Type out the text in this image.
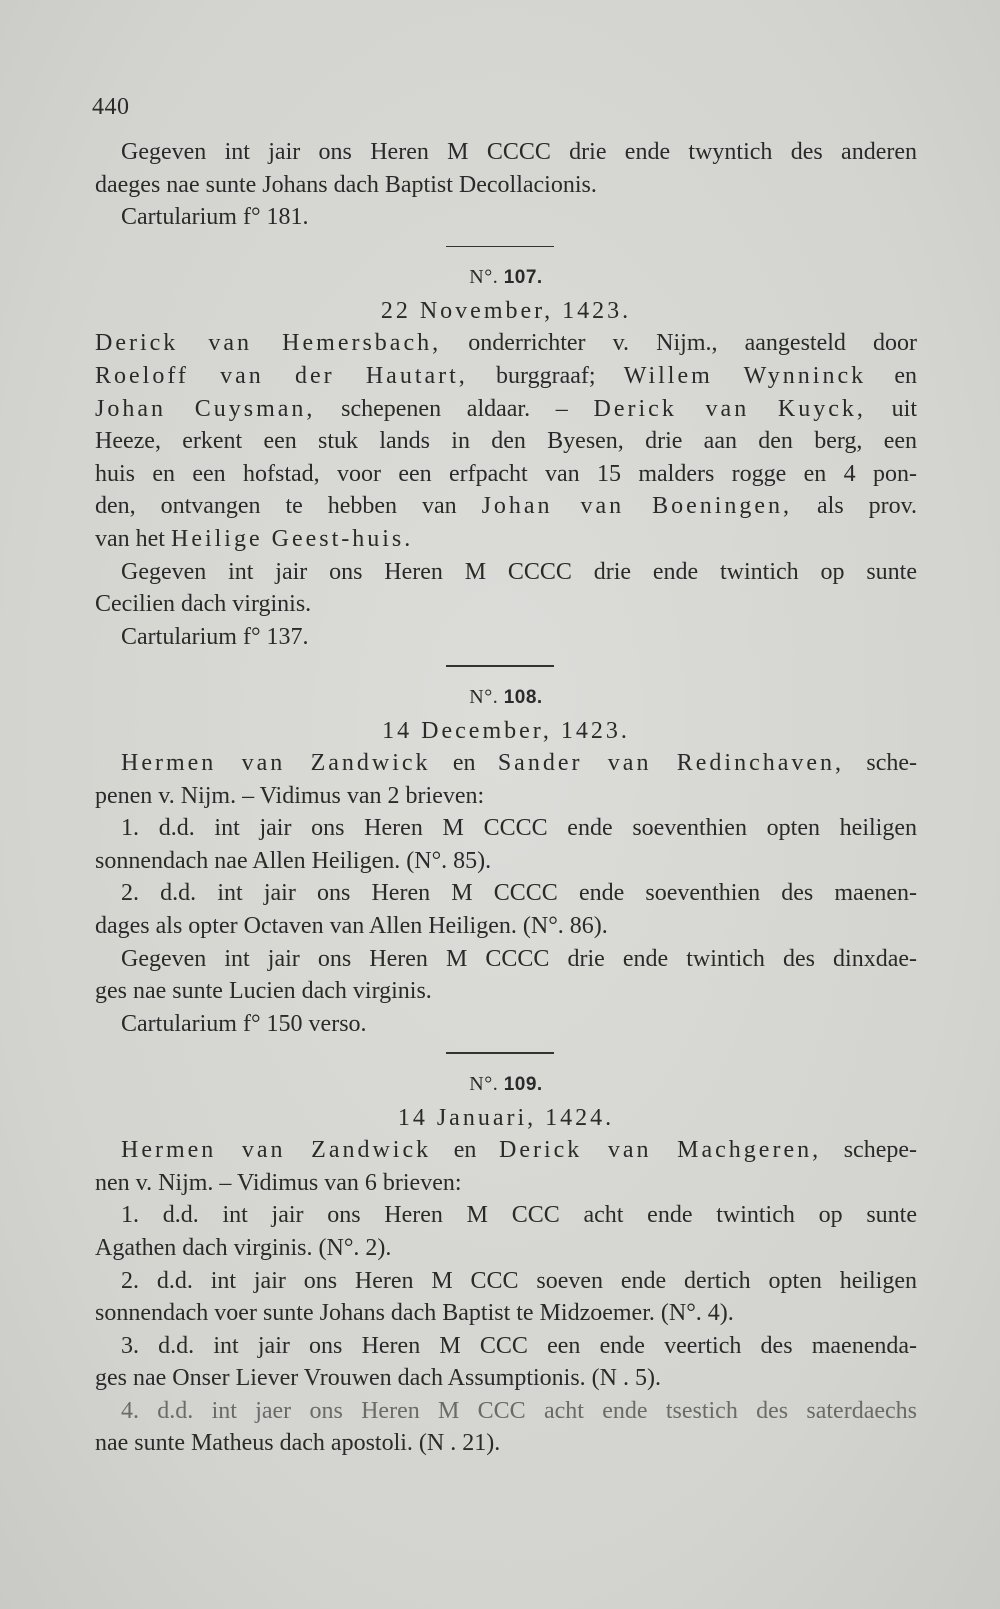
440
Gegeven int jair ons Heren M CCCC drie ende twyntich des anderen
daeges nae sunte Johans dach Baptist Decollacionis.
Cartularium f° 181.
N°. 107.
22 November, 1423.
Derick van Hemersbach, onderrichter v. Nijm., aangesteld door
Roeloff van der Hautart, burggraaf; Willem Wynninck en
Johan Cuysman, schepenen aldaar. – Derick van Kuyck, uit
Heeze, erkent een stuk lands in den Byesen, drie aan den berg, een
huis en een hofstad, voor een erfpacht van 15 malders rogge en 4 pon-
den, ontvangen te hebben van Johan van Boeningen, als prov.
van het Heilige Geest-huis.
Gegeven int jair ons Heren M CCCC drie ende twintich op sunte
Cecilien dach virginis.
Cartularium f° 137.
N°. 108.
14 December, 1423.
Hermen van Zandwick en Sander van Redinchaven, sche-
penen v. Nijm. – Vidimus van 2 brieven:
1. d.d. int jair ons Heren M CCCC ende soeventhien opten heiligen
sonnendach nae Allen Heiligen. (N°. 85).
2. d.d. int jair ons Heren M CCCC ende soeventhien des maenen-
dages als opter Octaven van Allen Heiligen. (N°. 86).
Gegeven int jair ons Heren M CCCC drie ende twintich des dinxdae-
ges nae sunte Lucien dach virginis.
Cartularium f° 150 verso.
N°. 109.
14 Januari, 1424.
Hermen van Zandwick en Derick van Machgeren, schepe-
nen v. Nijm. – Vidimus van 6 brieven:
1. d.d. int jair ons Heren M CCC acht ende twintich op sunte
Agathen dach virginis. (N°. 2).
2. d.d. int jair ons Heren M CCC soeven ende dertich opten heiligen
sonnendach voer sunte Johans dach Baptist te Midzoemer. (N°. 4).
3. d.d. int jair ons Heren M CCC een ende veertich des maenenda-
ges nae Onser Liever Vrouwen dach Assumptionis. (N . 5).
4. d.d. int jaer ons Heren M CCC acht ende tsestich des saterdaechs
nae sunte Matheus dach apostoli. (N . 21).
